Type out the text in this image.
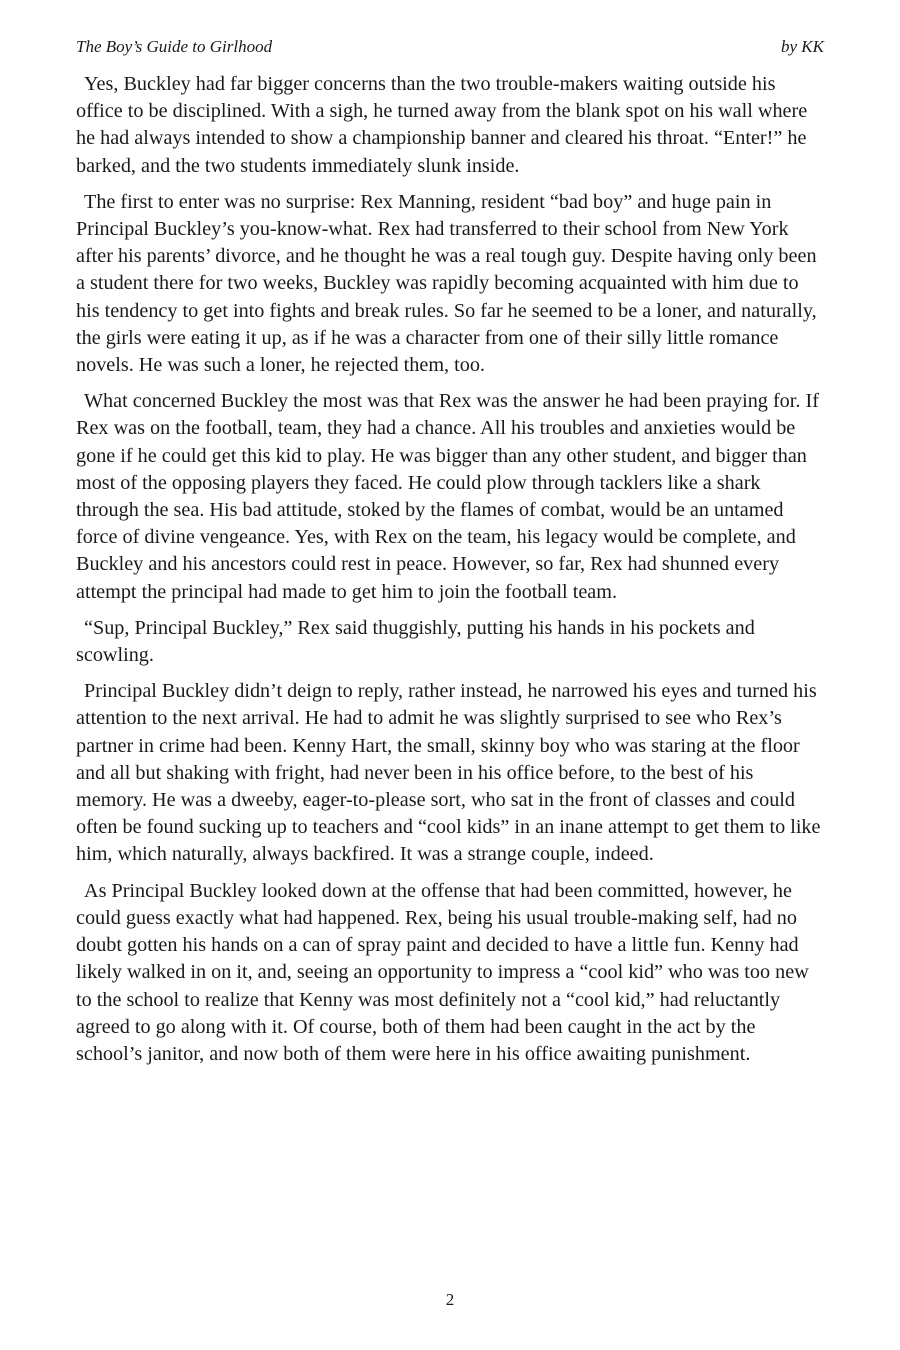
The Boy’s Guide to Girlhood	by KK

Yes, Buckley had far bigger concerns than the two trouble-makers waiting outside his office to be disciplined. With a sigh, he turned away from the blank spot on his wall where he had always intended to show a championship banner and cleared his throat. “Enter!” he barked, and the two students immediately slunk inside.

The first to enter was no surprise: Rex Manning, resident “bad boy” and huge pain in Principal Buckley’s you-know-what. Rex had transferred to their school from New York after his parents’ divorce, and he thought he was a real tough guy. Despite having only been a student there for two weeks, Buckley was rapidly becoming acquainted with him due to his tendency to get into fights and break rules. So far he seemed to be a loner, and naturally, the girls were eating it up, as if he was a character from one of their silly little romance novels. He was such a loner, he rejected them, too.

What concerned Buckley the most was that Rex was the answer he had been praying for. If Rex was on the football, team, they had a chance. All his troubles and anxieties would be gone if he could get this kid to play. He was bigger than any other student, and bigger than most of the opposing players they faced. He could plow through tacklers like a shark through the sea. His bad attitude, stoked by the flames of combat, would be an untamed force of divine vengeance. Yes, with Rex on the team, his legacy would be complete, and Buckley and his ancestors could rest in peace. However, so far, Rex had shunned every attempt the principal had made to get him to join the football team.

“Sup, Principal Buckley,” Rex said thuggishly, putting his hands in his pockets and scowling.

Principal Buckley didn’t deign to reply, rather instead, he narrowed his eyes and turned his attention to the next arrival. He had to admit he was slightly surprised to see who Rex’s partner in crime had been. Kenny Hart, the small, skinny boy who was staring at the floor and all but shaking with fright, had never been in his office before, to the best of his memory. He was a dweeby, eager-to-please sort, who sat in the front of classes and could often be found sucking up to teachers and “cool kids” in an inane attempt to get them to like him, which naturally, always backfired. It was a strange couple, indeed.

As Principal Buckley looked down at the offense that had been committed, however, he could guess exactly what had happened. Rex, being his usual trouble-making self, had no doubt gotten his hands on a can of spray paint and decided to have a little fun. Kenny had likely walked in on it, and, seeing an opportunity to impress a “cool kid” who was too new to the school to realize that Kenny was most definitely not a “cool kid,” had reluctantly agreed to go along with it. Of course, both of them had been caught in the act by the school’s janitor, and now both of them were here in his office awaiting punishment.

2
